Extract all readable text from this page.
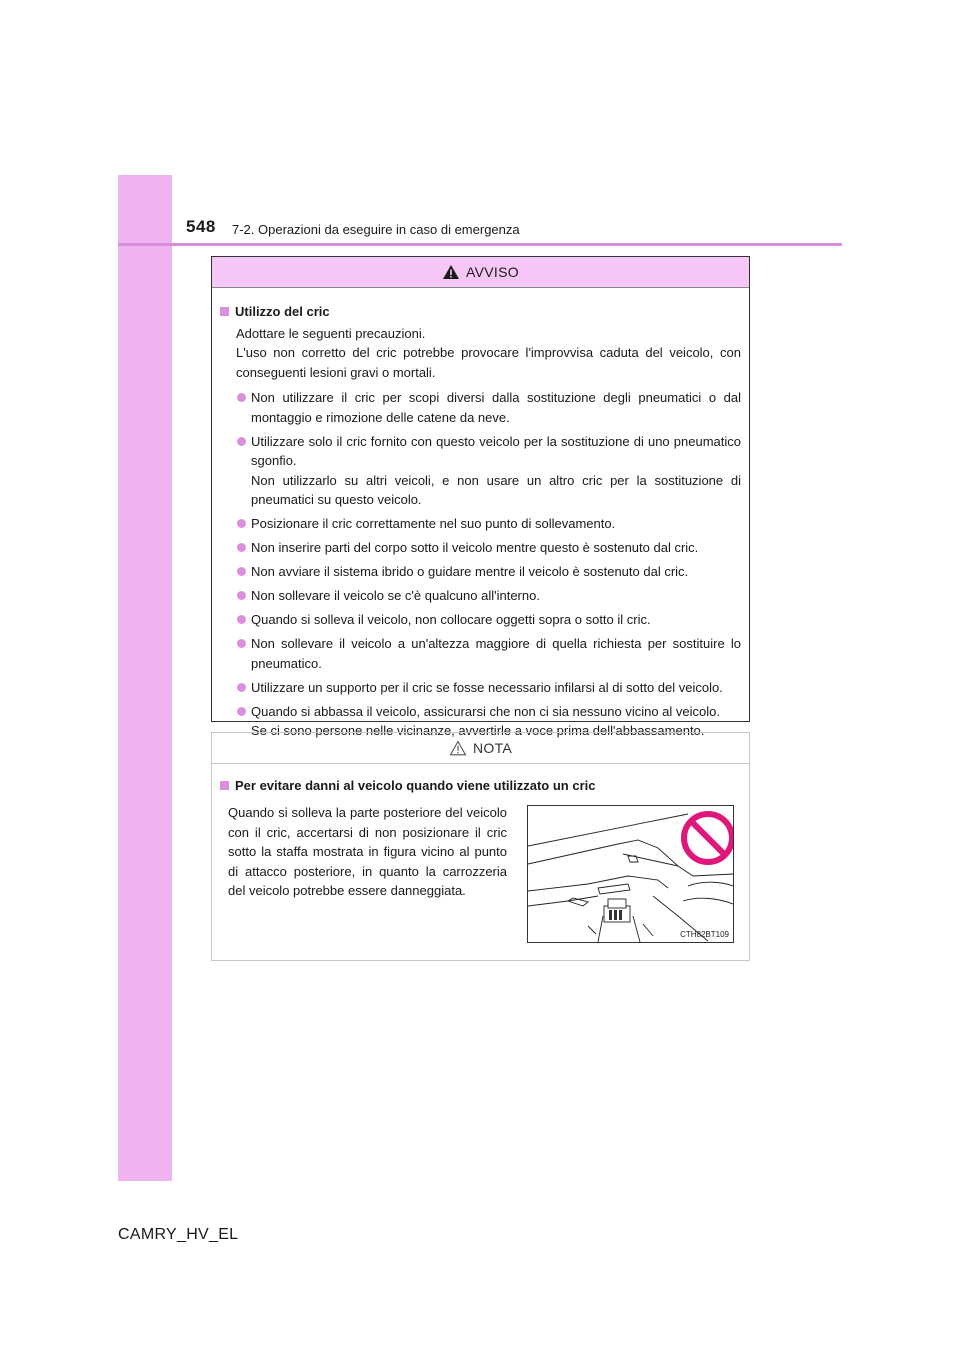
548 7-2. Operazioni da eseguire in caso di emergenza
AVVISO
Utilizzo del cric
Adottare le seguenti precauzioni.
L'uso non corretto del cric potrebbe provocare l'improvvisa caduta del veicolo, con conseguenti lesioni gravi o mortali.
Non utilizzare il cric per scopi diversi dalla sostituzione degli pneumatici o dal montaggio e rimozione delle catene da neve.
Utilizzare solo il cric fornito con questo veicolo per la sostituzione di uno pneumatico sgonfio.
Non utilizzarlo su altri veicoli, e non usare un altro cric per la sostituzione di pneumatici su questo veicolo.
Posizionare il cric correttamente nel suo punto di sollevamento.
Non inserire parti del corpo sotto il veicolo mentre questo è sostenuto dal cric.
Non avviare il sistema ibrido o guidare mentre il veicolo è sostenuto dal cric.
Non sollevare il veicolo se c'è qualcuno all'interno.
Quando si solleva il veicolo, non collocare oggetti sopra o sotto il cric.
Non sollevare il veicolo a un'altezza maggiore di quella richiesta per sostituire lo pneumatico.
Utilizzare un supporto per il cric se fosse necessario infilarsi al di sotto del veicolo.
Quando si abbassa il veicolo, assicurarsi che non ci sia nessuno vicino al veicolo.
Se ci sono persone nelle vicinanze, avvertirle a voce prima dell'abbassamento.
NOTA
Per evitare danni al veicolo quando viene utilizzato un cric
Quando si solleva la parte posteriore del veicolo con il cric, accertarsi di non posizionare il cric sotto la staffa mostrata in figura vicino al punto di attacco posteriore, in quanto la carrozzeria del veicolo potrebbe essere danneggiata.
CTH82BT109
CAMRY_HV_EL
